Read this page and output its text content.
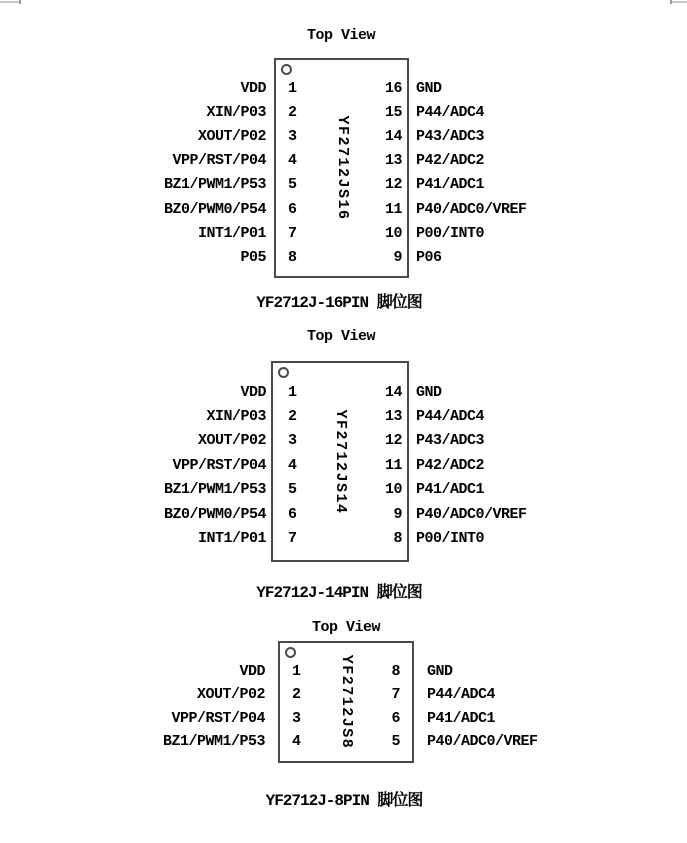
Top View
YF2712JS16
VDD 1
XIN/P03 2
XOUT/P02 3
VPP/RST/P04 4
BZ1/PWM1/P53 5
BZ0/PWM0/P54 6
INT1/P01 7
P05 8
16 GND
15 P44/ADC4
14 P43/ADC3
13 P42/ADC2
12 P41/ADC1
11 P40/ADC0/VREF
10 P00/INT0
9 P06
YF2712J-16PIN 脚位图
Top View
YF2712JS14
VDD 1
XIN/P03 2
XOUT/P02 3
VPP/RST/P04 4
BZ1/PWM1/P53 5
BZ0/PWM0/P54 6
INT1/P01 7
14 GND
13 P44/ADC4
12 P43/ADC3
11 P42/ADC2
10 P41/ADC1
9 P40/ADC0/VREF
8 P00/INT0
YF2712J-14PIN 脚位图
Top View
YF2712JS8
VDD 1
XOUT/P02 2
VPP/RST/P04 3
BZ1/PWM1/P53 4
8 GND
7 P44/ADC4
6 P41/ADC1
5 P40/ADC0/VREF
YF2712J-8PIN 脚位图
